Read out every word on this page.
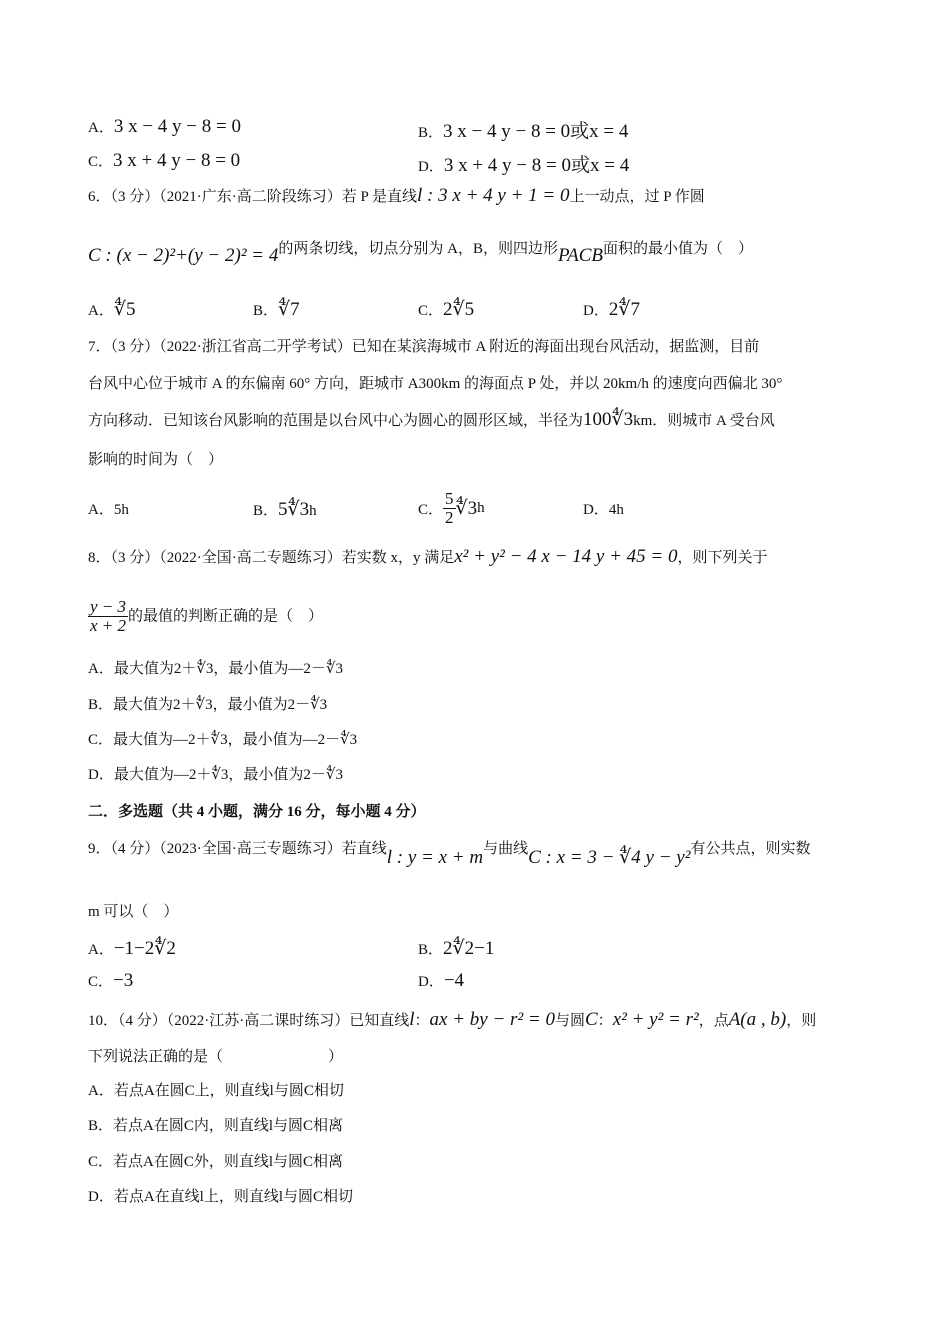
A．3 x − 4 y − 8 = 0	B．3 x − 4 y − 8 = 0或x = 4
C．3 x + 4 y − 8 = 0	D．3 x + 4 y − 8 = 0或x = 4
6．（3 分）（2021·广东·高二阶段练习）若 P 是直线l : 3 x + 4 y + 1 = 0上一动点，过 P 作圆
C : (x − 2)²+(y − 2)² = 4的两条切线，切点分别为 A，B，则四边形PACB面积的最小值为（　）
A．∜5	B．∜7	C．2∜5	D．2∜7
7．（3 分）（2022·浙江省高二开学考试）已知在某滨海城市 A 附近的海面出现台风活动，据监测，目前
台风中心位于城市 A 的东偏南 60° 方向，距城市 A300km 的海面点 P 处，并以 20km/h 的速度向西偏北 30°
方向移动．已知该台风影响的范围是以台风中心为圆心的圆形区域，半径为100∜3km．则城市 A 受台风
影响的时间为（　）
A．5h	B．5∜3h	C． $\frac{5}{2}$ ∜3h	D．4h
8．（3 分）（2022·全国·高二专题练习）若实数 x，y 满足x² + y² − 4 x − 14 y + 45 = 0，则下列关于
$\frac{y - 3}{x + 2}$ 的最值的判断正确的是（　）
A．最大值为2＋∜3，最小值为—2－∜3
B．最大值为2＋∜3，最小值为2－∜3
C．最大值为—2＋∜3，最小值为—2－∜3
D．最大值为—2＋∜3，最小值为2－∜3
二．多选题（共 4 小题，满分 16 分，每小题 4 分）
9．（4 分）（2023·全国·高三专题练习）若直线l : y = x + m与曲线C : x = 3 − ∜4 y − y²有公共点，则实数
m 可以（　）
A．−1−2∜2	B．2∜2−1
C．−3	D．−4
10．（4 分）（2022·江苏·高二课时练习）已知直线l：ax + by − r² = 0与圆C：x² + y² = r²，点A(a , b)，则
下列说法正确的是（　　　　　　　）
A．若点A在圆C上，则直线l与圆C相切
B．若点A在圆C内，则直线l与圆C相离
C．若点A在圆C外，则直线l与圆C相离
D．若点A在直线l上，则直线l与圆C相切
